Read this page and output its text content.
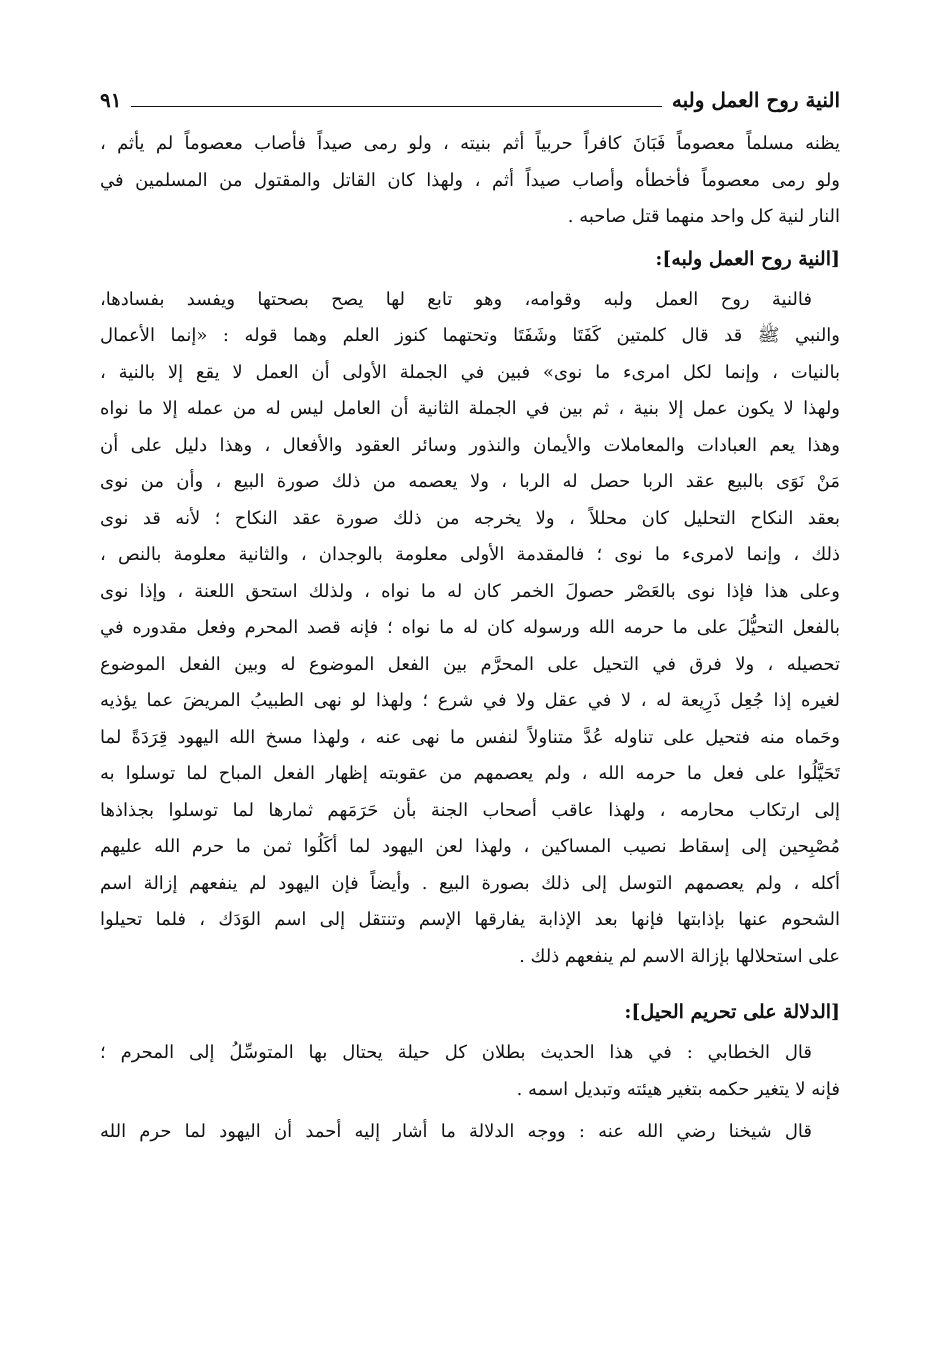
النية روح العمل ولبه
٩١
يظنه مسلماً معصوماً فَبَانَ كافراً حربياً أثم بنيته ، ولو رمى صيداً فأصاب معصوماً لم يأثم ،
ولو رمى معصوماً فأخطأه وأصاب صيداً أثم ، ولهذا كان القاتل والمقتول من المسلمين في
النار لنية كل واحد منهما قتل صاحبه .
[النية روح العمل ولبه]:
فالنية روح العمل ولبه وقوامه، وهو تابع لها يصح بصحتها ويفسد بفسادها،
والنبي ﷺ قد قال كلمتين كَفَتَا وشَفَتَا وتحتهما كنوز العلم وهما قوله : «إنما الأعمال
بالنيات ، وإنما لكل امرىء ما نوى» فبين في الجملة الأولى أن العمل لا يقع إلا بالنية ،
ولهذا لا يكون عمل إلا بنية ، ثم بين في الجملة الثانية أن العامل ليس له من عمله إلا ما نواه
وهذا يعم العبادات والمعاملات والأيمان والنذور وسائر العقود والأفعال ، وهذا دليل على أن
مَنْ نَوَى بالبيع عقد الربا حصل له الربا ، ولا يعصمه من ذلك صورة البيع ، وأن من نوى
بعقد النكاح التحليل كان محللاً ، ولا يخرجه من ذلك صورة عقد النكاح ؛ لأنه قد نوى
ذلك ، وإنما لامرىء ما نوى ؛ فالمقدمة الأولى معلومة بالوجدان ، والثانية معلومة بالنص ،
وعلى هذا فإذا نوى بالعَصْر حصولَ الخمر كان له ما نواه ، ولذلك استحق اللعنة ، وإذا نوى
بالفعل التحيُّلَ على ما حرمه الله ورسوله كان له ما نواه ؛ فإنه قصد المحرم وفعل مقدوره في
تحصيله ، ولا فرق في التحيل على المحرَّم بين الفعل الموضوع له وبين الفعل الموضوع
لغيره إذا جُعِل ذَرِيعة له ، لا في عقل ولا في شرع ؛ ولهذا لو نهى الطبيبُ المريضَ عما يؤذيه
وحَماه منه فتحيل على تناوله عُدَّ متناولاً لنفس ما نهى عنه ، ولهذا مسخ الله اليهود قِرَدَةً لما
تَحَيَّلُوا على فعل ما حرمه الله ، ولم يعصمهم من عقوبته إظهار الفعل المباح لما توسلوا به
إلى ارتكاب محارمه ، ولهذا عاقب أصحاب الجنة بأن حَرَمَهم ثمارها لما توسلوا بجذاذها
مُصْبِحين إلى إسقاط نصيب المساكين ، ولهذا لعن اليهود لما أكَلُوا ثمن ما حرم الله عليهم
أكله ، ولم يعصمهم التوسل إلى ذلك بصورة البيع . وأيضاً فإن اليهود لم ينفعهم إزالة اسم
الشحوم عنها بإذابتها فإنها بعد الإذابة يفارقها الإسم وتنتقل إلى اسم الوَدَك ، فلما تحيلوا
على استحلالها بإزالة الاسم لم ينفعهم ذلك .
[الدلالة على تحريم الحيل]:
قال الخطابي : في هذا الحديث بطلان كل حيلة يحتال بها المتوسِّلُ إلى المحرم ؛
فإنه لا يتغير حكمه بتغير هيئته وتبديل اسمه .
قال شيخنا رضي الله عنه : ووجه الدلالة ما أشار إليه أحمد أن اليهود لما حرم الله
